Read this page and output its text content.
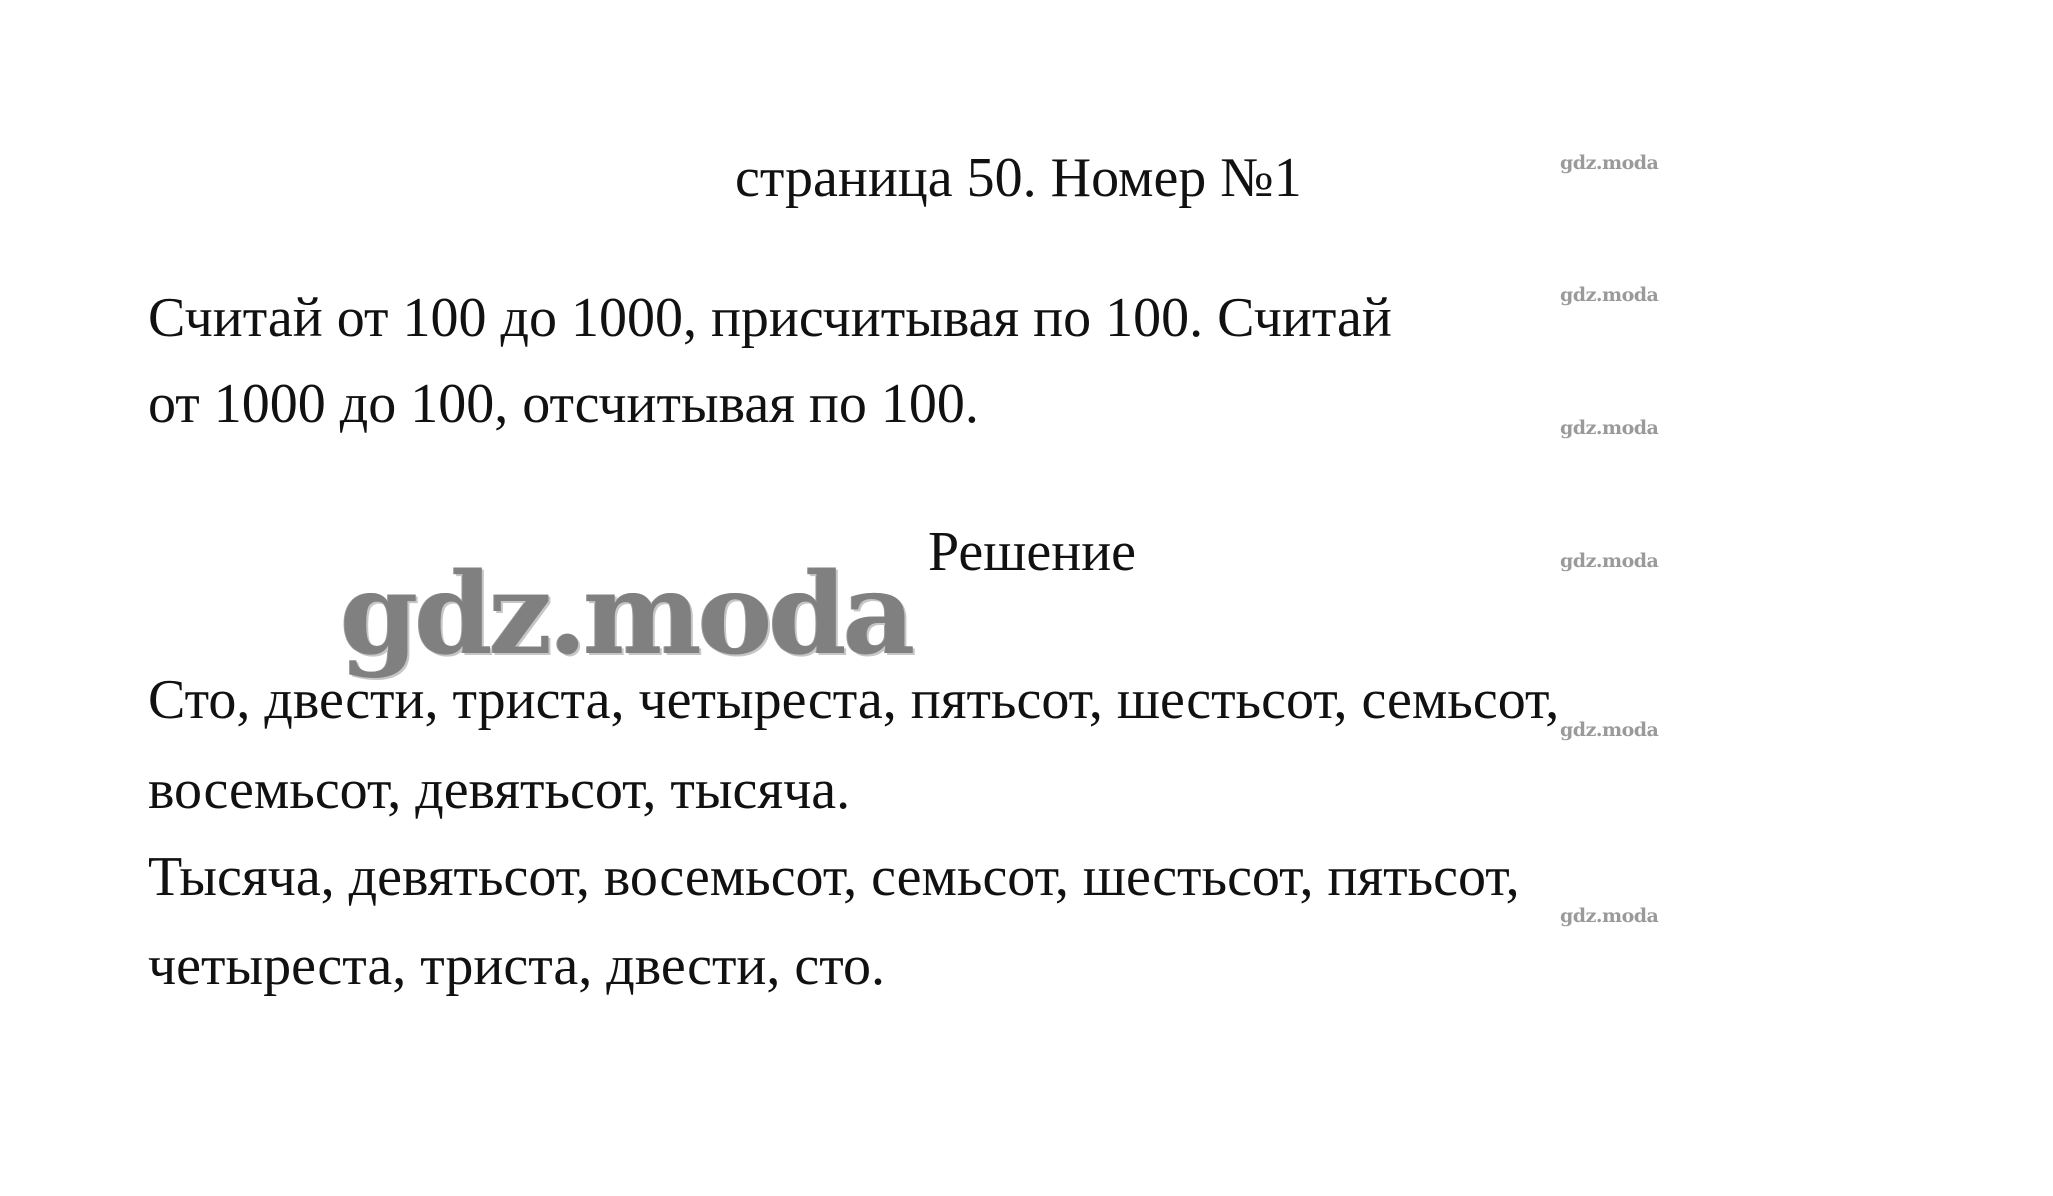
страница 50. Номер №1
Считай от 100 до 1000, присчитывая по 100. Считай
от 1000 до 100, отсчитывая по 100.
Решение
gdz.moda
Сто, двести, триста, четыреста, пятьсот, шестьсот, семьсот,
восемьсот, девятьсот, тысяча.
Тысяча, девятьсот, восемьсот, семьсот, шестьсот, пятьсот,
четыреста, триста, двести, сто.
gdz.moda
gdz.moda
gdz.moda
gdz.moda
gdz.moda
gdz.moda
